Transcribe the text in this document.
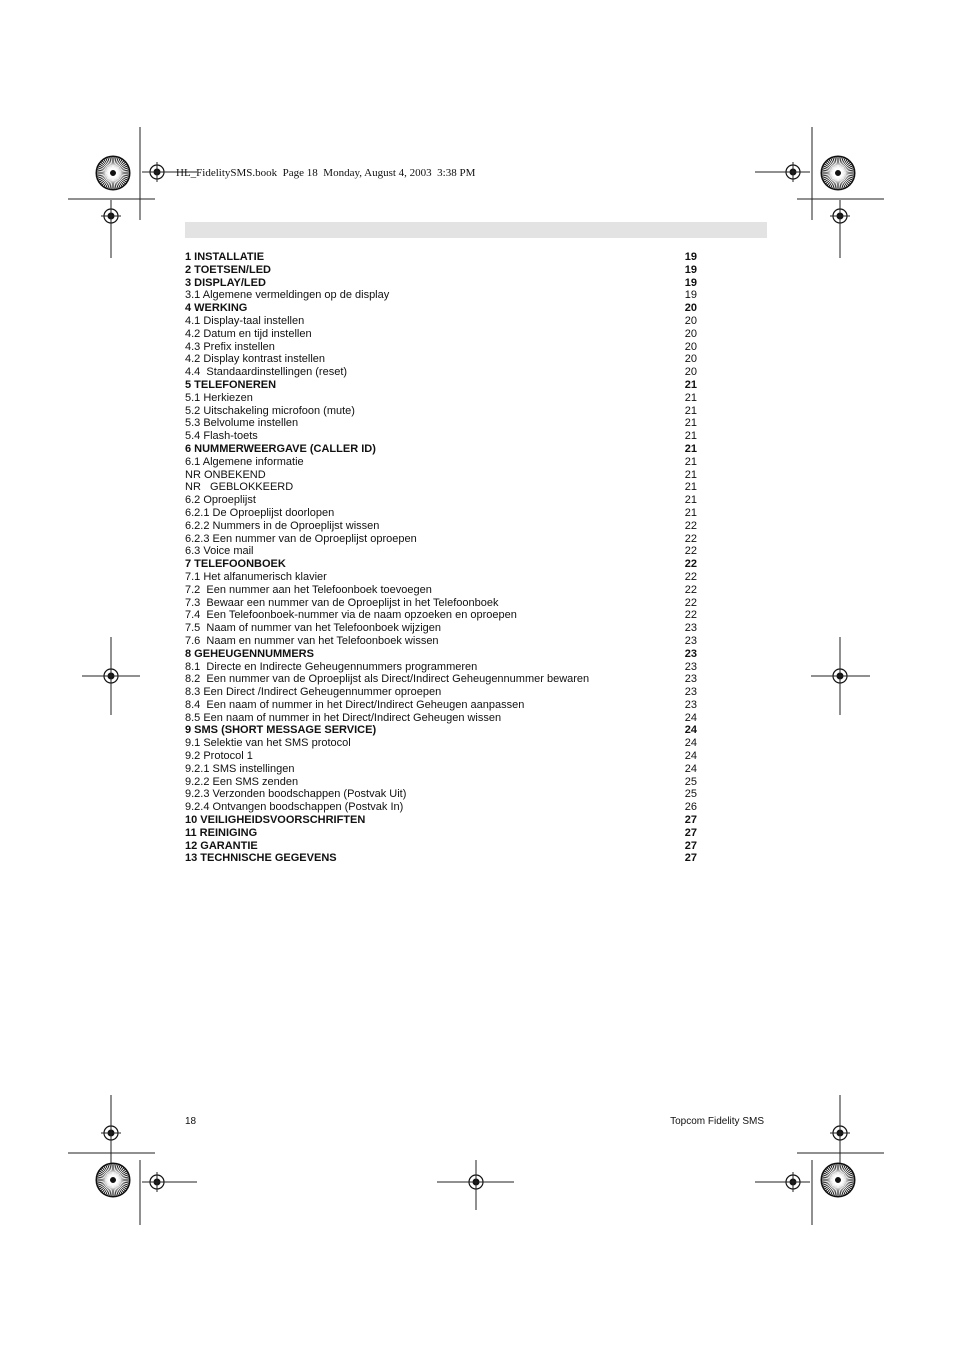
HL_FidelitySMS.book  Page 18  Monday, August 4, 2003  3:38 PM
1 INSTALLATIE	19
2 TOETSEN/LED	19
3 DISPLAY/LED	19
3.1 Algemene vermeldingen op de display	19
4 WERKING	20
4.1 Display-taal instellen	20
4.2 Datum en tijd instellen	20
4.3 Prefix instellen	20
4.2 Display kontrast instellen	20
4.4  Standaardinstellingen (reset)	20
5 TELEFONEREN	21
5.1 Herkiezen	21
5.2 Uitschakeling microfoon (mute)	21
5.3 Belvolume instellen	21
5.4 Flash-toets	21
6 NUMMERWEERGAVE (CALLER ID)	21
6.1 Algemene informatie	21
NR ONBEKEND	21
NR   GEBLOKKEERD	21
6.2 Oproeplijst	21
6.2.1 De Oproeplijst doorlopen	21
6.2.2 Nummers in de Oproeplijst wissen	22
6.2.3 Een nummer van de Oproeplijst oproepen	22
6.3 Voice mail	22
7 TELEFOONBOEK	22
7.1 Het alfanumerisch klavier	22
7.2  Een nummer aan het Telefoonboek toevoegen	22
7.3  Bewaar een nummer van de Oproeplijst in het Telefoonboek	22
7.4  Een Telefoonboek-nummer via de naam opzoeken en oproepen	22
7.5  Naam of nummer van het Telefoonboek wijzigen	23
7.6  Naam en nummer van het Telefoonboek wissen	23
8 GEHEUGENNUMMERS	23
8.1  Directe en Indirecte Geheugennummers programmeren	23
8.2  Een nummer van de Oproeplijst als Direct/Indirect Geheugennummer bewaren	23
8.3 Een Direct /Indirect Geheugennummer oproepen	23
8.4  Een naam of nummer in het Direct/Indirect Geheugen aanpassen	23
8.5 Een naam of nummer in het Direct/Indirect Geheugen wissen	24
9 SMS (SHORT MESSAGE SERVICE)	24
9.1 Selektie van het SMS protocol	24
9.2 Protocol 1	24
9.2.1 SMS instellingen	24
9.2.2 Een SMS zenden	25
9.2.3 Verzonden boodschappen (Postvak Uit)	25
9.2.4 Ontvangen boodschappen (Postvak In)	26
10 VEILIGHEIDSVOORSCHRIFTEN	27
11 REINIGING	27
12 GARANTIE	27
13 TECHNISCHE GEGEVENS	27
18	Topcom Fidelity SMS
